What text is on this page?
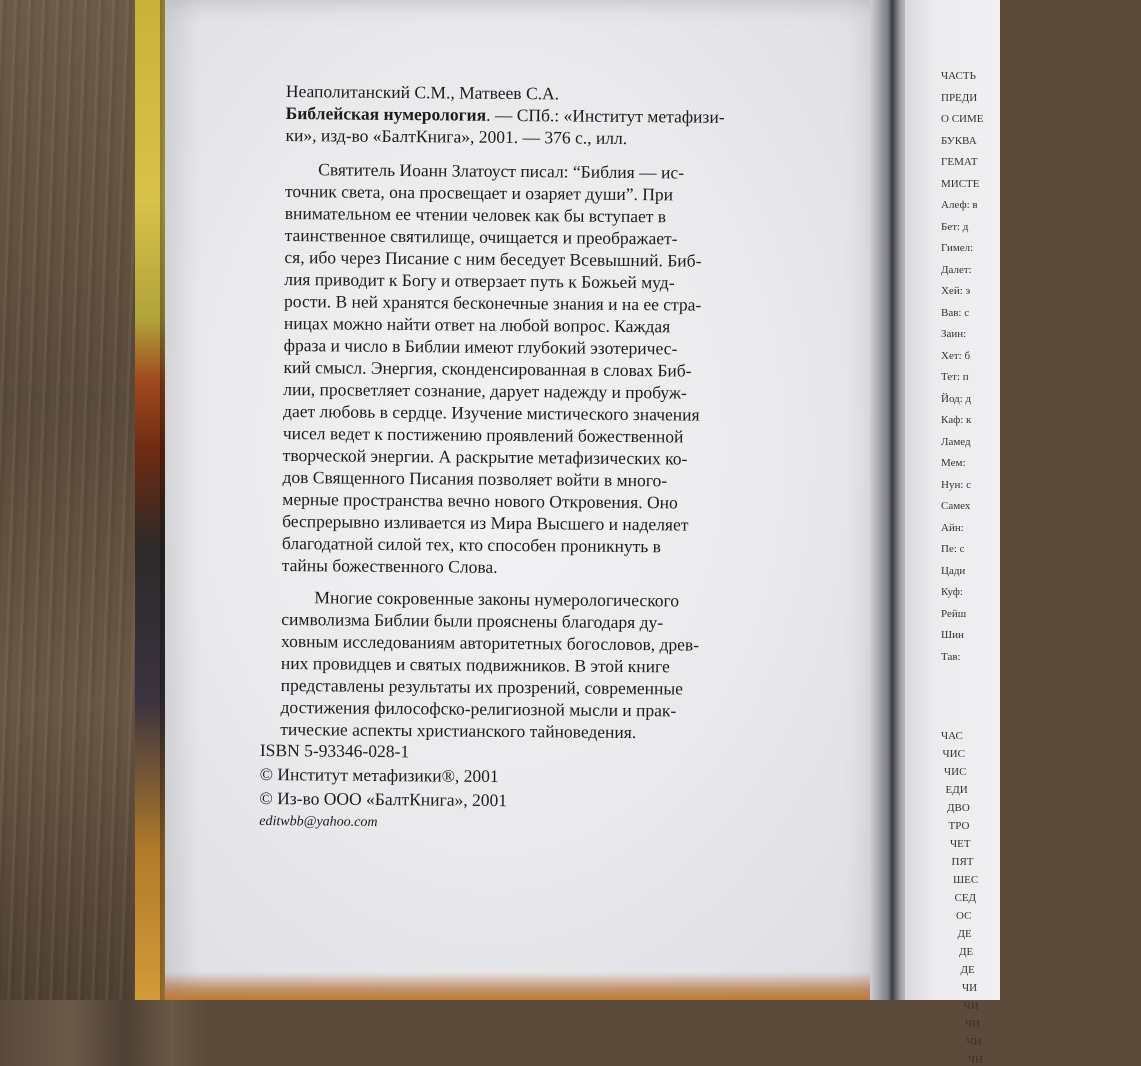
Неаполитанский С.М., Матвеев С.А.

Библейская нумерология. — СПб.: «Институт метафизи-

ки», изд-во «БалтКнига», 2001. — 376 с., илл.

Святитель Иоанн Златоуст писал: “Библия — ис-

точник света, она просвещает и озаряет души”. При

внимательном ее чтении человек как бы вступает в

таинственное святилище, очищается и преображает-

ся, ибо через Писание с ним беседует Всевышний. Биб-

лия приводит к Богу и отверзает путь к Божьей муд-

рости. В ней хранятся бесконечные знания и на ее стра-

ницах можно найти ответ на любой вопрос. Каждая

фраза и число в Библии имеют глубокий эзотеричес-

кий смысл. Энергия, сконденсированная в словах Биб-

лии, просветляет сознание, дарует надежду и пробуж-

дает любовь в сердце. Изучение мистического значения

чисел ведет к постижению проявлений божественной

творческой энергии. А раскрытие метафизических ко-

дов Священного Писания позволяет войти в много-

мерные пространства вечно нового Откровения. Оно

беспрерывно изливается из Мира Высшего и наделяет

благодатной силой тех, кто способен проникнуть в

тайны божественного Слова.

Многие сокровенные законы нумерологического

символизма Библии были прояснены благодаря ду-

ховным исследованиям авторитетных богословов, древ-

них провидцев и святых подвижников. В этой книге

представлены результаты их прозрений, современные

достижения философско-религиозной мысли и прак-

тические аспекты христианского тайноведения.

ISBN 5-93346-028-1
© Институт метафизики®, 2001
© Из-во ООО «БалтКнига», 2001
editwbb@yahoo.com
ЧАСТЬ
ПРЕДИ
О СИМЕ
БУКВА
ГЕМАТ
МИСТЕ
Алеф: в
Бет: д
Гимел:
Далет:
Хей: э
Вав: с
Заин:
Хет: б
Тет: п
Йод: д
Каф: к
Ламед
Мем:
Нун: с
Самех
Айн:
Пе: с
Цади
Куф:
Рейш
Шин
Тав:
ЧАС
ЧИС
ЧИС
ЕДИ
ДВО
ТРО
ЧЕТ
ПЯТ
ШЕС
СЕД
ОС
ДЕ
ДЕ
ДЕ
ЧИ
ЧИ
ЧИ
ЧИ
ЧИ
